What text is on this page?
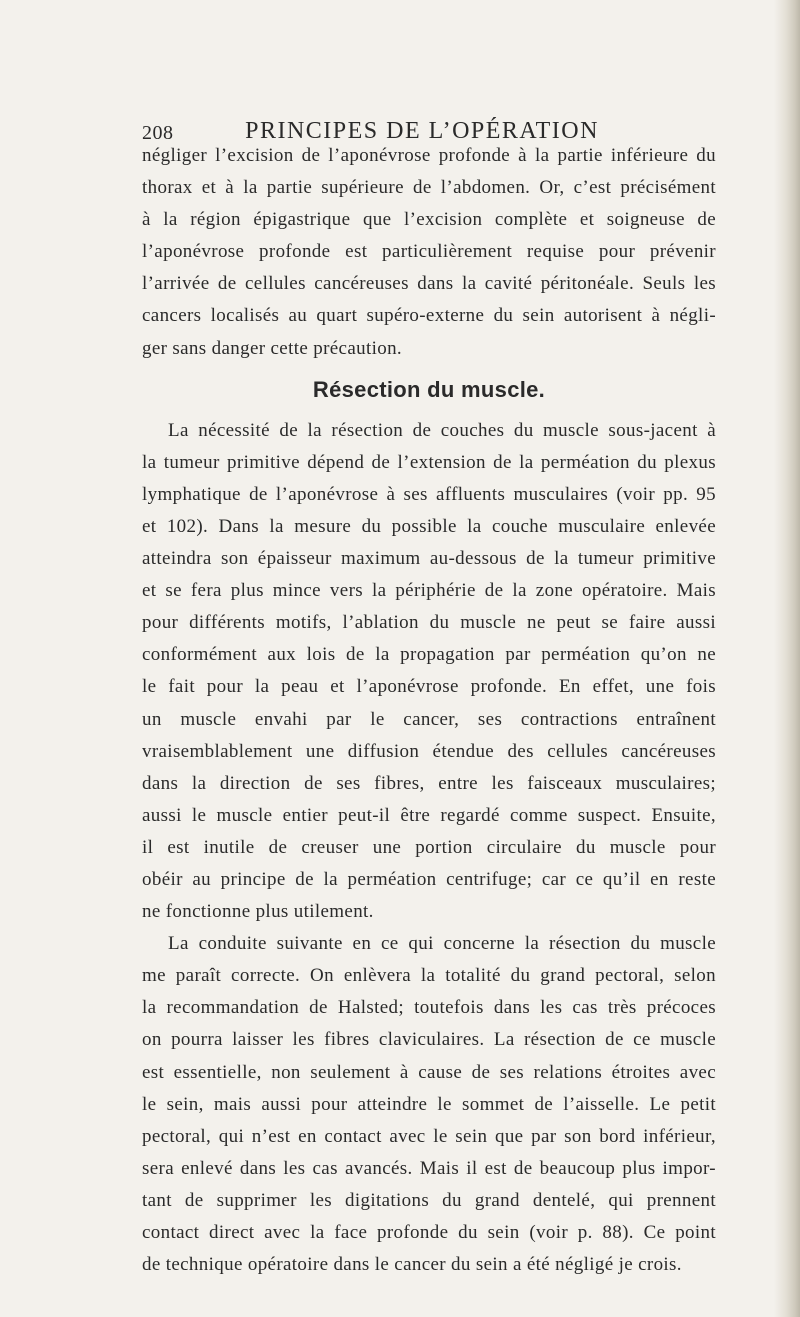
208	PRINCIPES DE L’OPÉRATION
négliger l’excision de l’aponévrose profonde à la partie inférieure du
thorax et à la partie supérieure de l’abdomen. Or, c’est précisément
à la région épigastrique que l’excision complète et soigneuse de
l’aponévrose profonde est particulièrement requise pour prévenir
l’arrivée de cellules cancéreuses dans la cavité péritonéale. Seuls les
cancers localisés au quart supéro-externe du sein autorisent à négli-
ger sans danger cette précaution.
Résection du muscle.
La nécessité de la résection de couches du muscle sous-jacent à
la tumeur primitive dépend de l’extension de la perméation du plexus
lymphatique de l’aponévrose à ses affluents musculaires (voir pp. 95
et 102). Dans la mesure du possible la couche musculaire enlevée
atteindra son épaisseur maximum au-dessous de la tumeur primitive
et se fera plus mince vers la périphérie de la zone opératoire. Mais
pour différents motifs, l’ablation du muscle ne peut se faire aussi
conformément aux lois de la propagation par perméation qu’on ne
le fait pour la peau et l’aponévrose profonde. En effet, une fois
un muscle envahi par le cancer, ses contractions entraînent
vraisemblablement une diffusion étendue des cellules cancéreuses
dans la direction de ses fibres, entre les faisceaux musculaires;
aussi le muscle entier peut-il être regardé comme suspect. Ensuite,
il est inutile de creuser une portion circulaire du muscle pour
obéir au principe de la perméation centrifuge; car ce qu’il en reste
ne fonctionne plus utilement.
La conduite suivante en ce qui concerne la résection du muscle
me paraît correcte. On enlèvera la totalité du grand pectoral, selon
la recommandation de Halsted; toutefois dans les cas très précoces
on pourra laisser les fibres claviculaires. La résection de ce muscle
est essentielle, non seulement à cause de ses relations étroites avec
le sein, mais aussi pour atteindre le sommet de l’aisselle. Le petit
pectoral, qui n’est en contact avec le sein que par son bord inférieur,
sera enlevé dans les cas avancés. Mais il est de beaucoup plus impor-
tant de supprimer les digitations du grand dentelé, qui prennent
contact direct avec la face profonde du sein (voir p. 88). Ce point
de technique opératoire dans le cancer du sein a été négligé je crois.
